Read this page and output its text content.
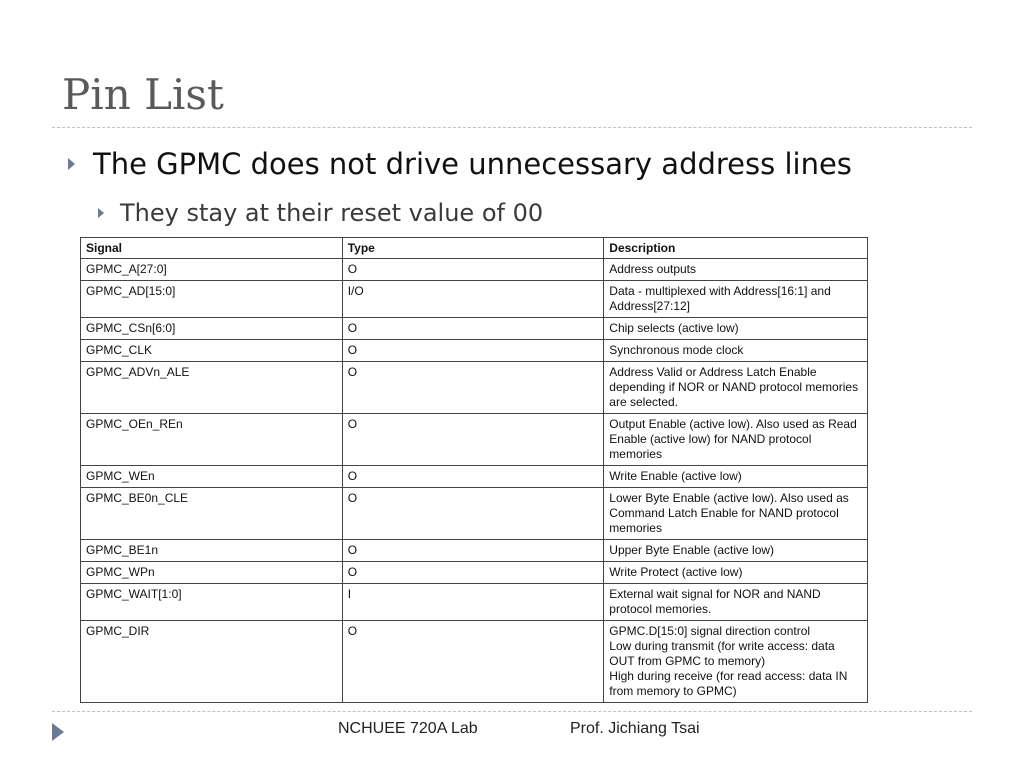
Pin List
The GPMC does not drive unnecessary address lines
They stay at their reset value of 00
Signal	Type	Description
GPMC_A[27:0]	O	Address outputs
GPMC_AD[15:0]	I/O	Data - multiplexed with Address[16:1] and Address[27:12]
GPMC_CSn[6:0]	O	Chip selects (active low)
GPMC_CLK	O	Synchronous mode clock
GPMC_ADVn_ALE	O	Address Valid or Address Latch Enable depending if NOR or NAND protocol memories are selected.
GPMC_OEn_REn	O	Output Enable (active low). Also used as Read Enable (active low) for NAND protocol memories
GPMC_WEn	O	Write Enable (active low)
GPMC_BE0n_CLE	O	Lower Byte Enable (active low). Also used as Command Latch Enable for NAND protocol memories
GPMC_BE1n	O	Upper Byte Enable (active low)
GPMC_WPn	O	Write Protect (active low)
GPMC_WAIT[1:0]	I	External wait signal for NOR and NAND protocol memories.
GPMC_DIR	O	GPMC.D[15:0] signal direction control
Low during transmit (for write access: data OUT from GPMC to memory)
High during receive (for read access: data IN from memory to GPMC)
NCHUEE 720A Lab	Prof. Jichiang Tsai
